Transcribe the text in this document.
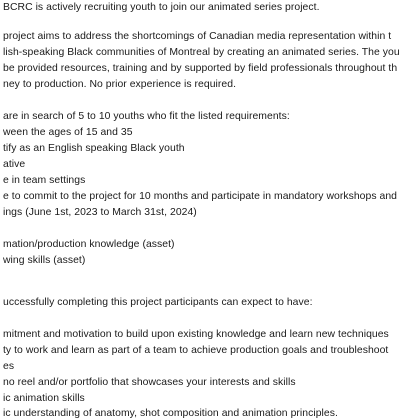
BCRC is actively recruiting youth to join our animated series project.
project aims to address the shortcomings of Canadian media representation within t
lish-speaking Black communities of Montreal by creating an animated series. The you
be provided resources, training and by supported by field professionals throughout th
ney to production. No prior experience is required.
are in search of 5 to 10 youths who fit the listed requirements:
ween the ages of 15 and 35
tify as an English speaking Black youth
ative
e in team settings
e to commit to the project for 10 months and participate in mandatory workshops and
ings (June 1st, 2023 to March 31st, 2024)
mation/production knowledge (asset)
wing skills (asset)
uccessfully completing this project participants can expect to have:
mitment and motivation to build upon existing knowledge and learn new techniques
ty to work and learn as part of a team to achieve production goals and troubleshoot
es
no reel and/or portfolio that showcases your interests and skills
ic animation skills
ic understanding of anatomy, shot composition and animation principles.
